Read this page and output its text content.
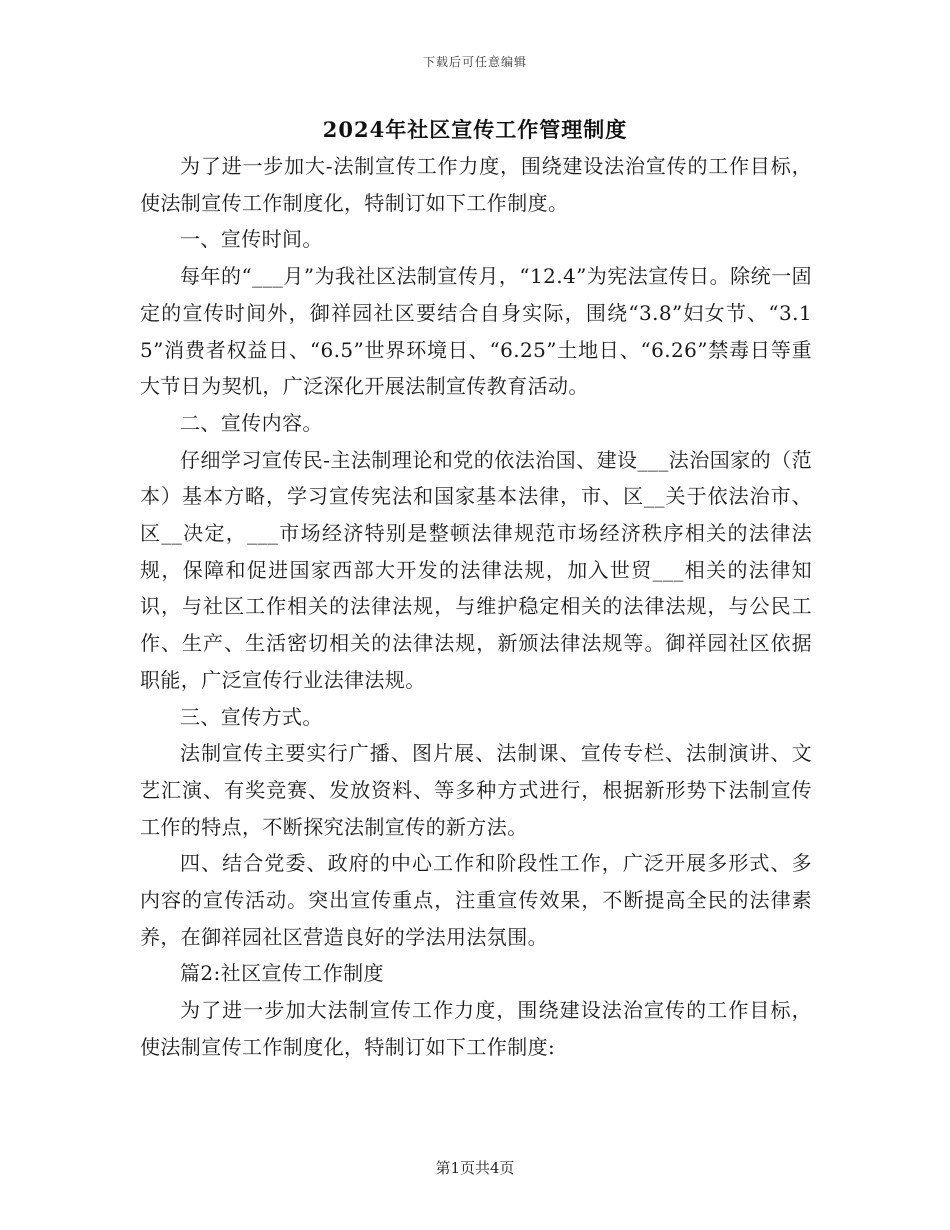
下载后可任意编辑
2024年社区宣传工作管理制度

为了进一步加大-法制宣传工作力度，围绕建设法治宣传的工作目标，使法制宣传工作制度化，特制订如下工作制度。

一、宣传时间。

每年的“___月”为我社区法制宣传月，“12.4”为宪法宣传日。除统一固定的宣传时间外，御祥园社区要结合自身实际，围绕“3.8”妇女节、“3.15”消费者权益日、“6.5”世界环境日、“6.25”土地日、“6.26”禁毒日等重大节日为契机，广泛深化开展法制宣传教育活动。

二、宣传内容。

仔细学习宣传民-主法制理论和党的依法治国、建设___法治国家的（范本）基本方略，学习宣传宪法和国家基本法律，市、区__关于依法治市、区__决定，___市场经济特别是整顿法律规范市场经济秩序相关的法律法规，保障和促进国家西部大开发的法律法规，加入世贸___相关的法律知识，与社区工作相关的法律法规，与维护稳定相关的法律法规，与公民工作、生产、生活密切相关的法律法规，新颁法律法规等。御祥园社区依据职能，广泛宣传行业法律法规。

三、宣传方式。

法制宣传主要实行广播、图片展、法制课、宣传专栏、法制演讲、文艺汇演、有奖竞赛、发放资料、等多种方式进行，根据新形势下法制宣传工作的特点，不断探究法制宣传的新方法。

四、结合党委、政府的中心工作和阶段性工作，广泛开展多形式、多内容的宣传活动。突出宣传重点，注重宣传效果，不断提高全民的法律素养，在御祥园社区营造良好的学法用法氛围。

篇2:社区宣传工作制度

为了进一步加大法制宣传工作力度，围绕建设法治宣传的工作目标，使法制宣传工作制度化，特制订如下工作制度:

第1页共4页
